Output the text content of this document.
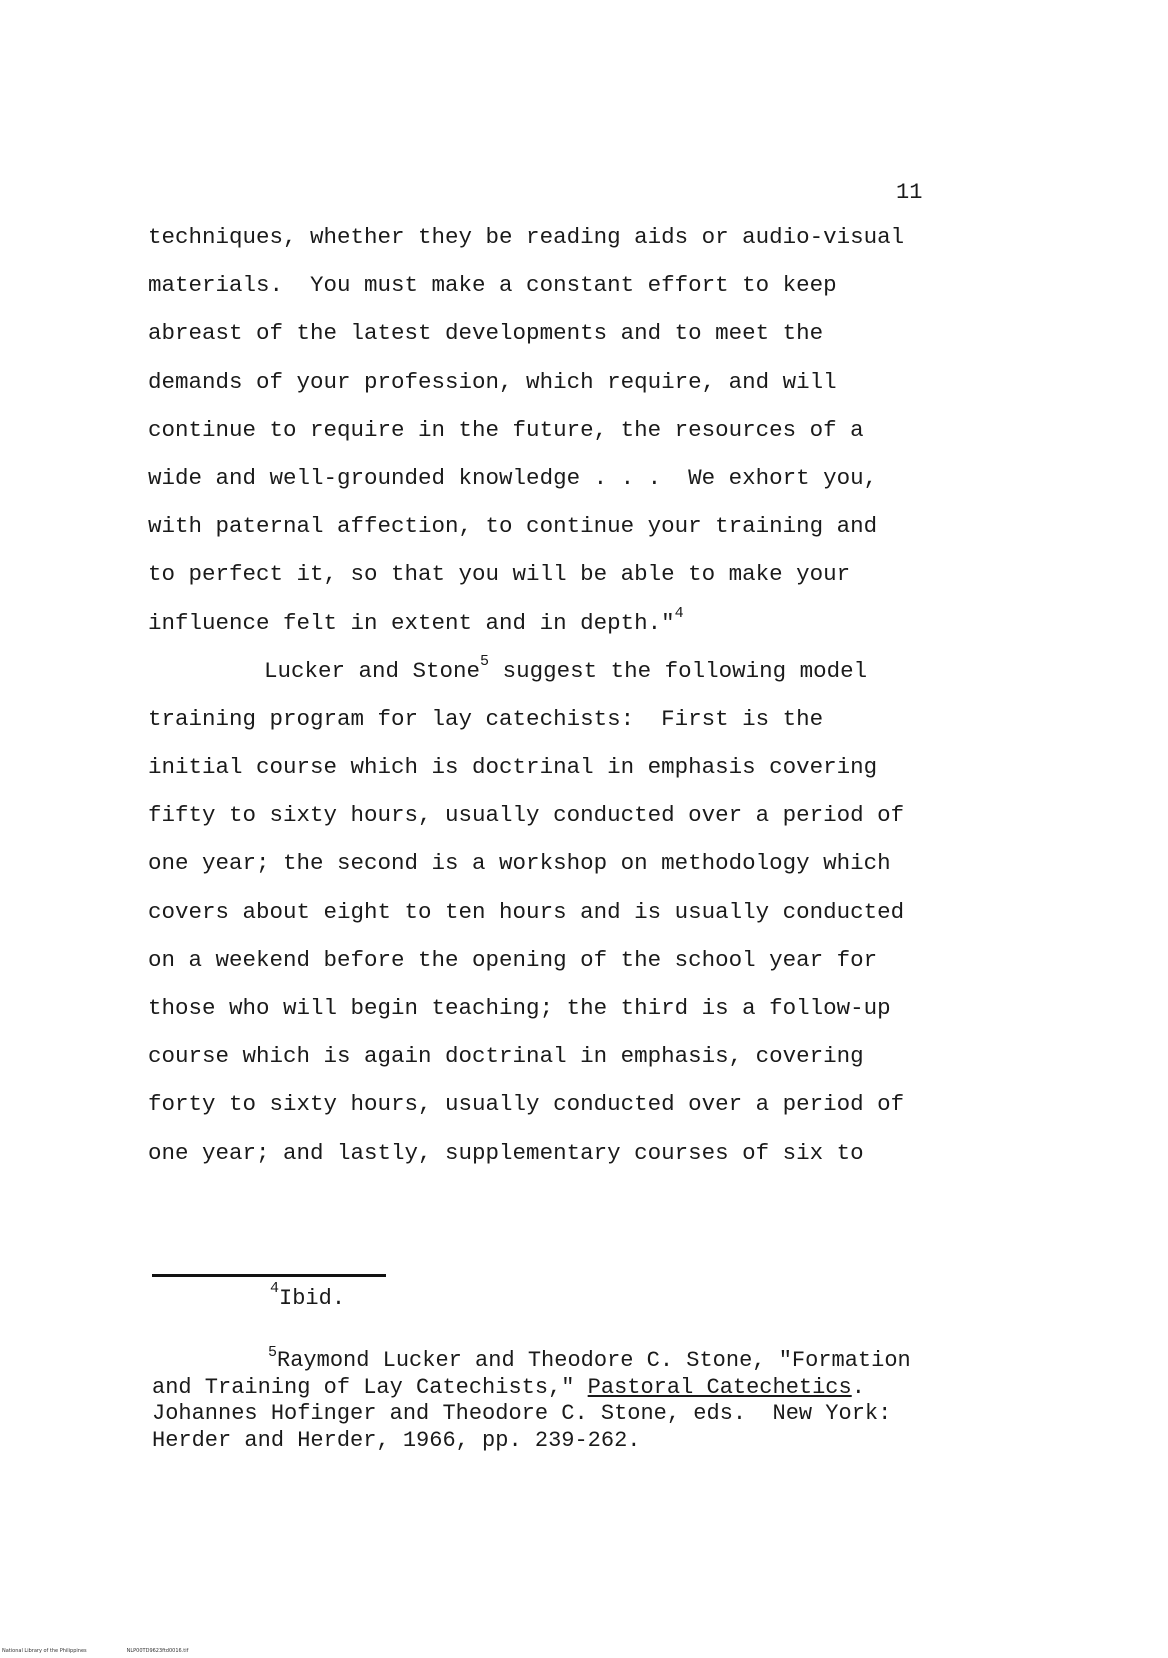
11
techniques, whether they be reading aids or audio-visual
materials.  You must make a constant effort to keep
abreast of the latest developments and to meet the
demands of your profession, which require, and will
continue to require in the future, the resources of a
wide and well-grounded knowledge . . .  We exhort you,
with paternal affection, to continue your training and
to perfect it, so that you will be able to make your
influence felt in extent and in depth."$^4$
Lucker and Stone$^5$ suggest the following model
training program for lay catechists:  First is the
initial course which is doctrinal in emphasis covering
fifty to sixty hours, usually conducted over a period of
one year; the second is a workshop on methodology which
covers about eight to ten hours and is usually conducted
on a weekend before the opening of the school year for
those who will begin teaching; the third is a follow-up
course which is again doctrinal in emphasis, covering
forty to sixty hours, usually conducted over a period of
one year; and lastly, supplementary courses of six to
$^4$Ibid.
$^5$Raymond Lucker and Theodore C. Stone, "Formation
and Training of Lay Catechists," Pastoral Catechetics.
Johannes Hofinger and Theodore C. Stone, eds.  New York:
Herder and Herder, 1966, pp. 239-262.
National Library of the Philippines	NLP00TD9623ftd0016.tif
